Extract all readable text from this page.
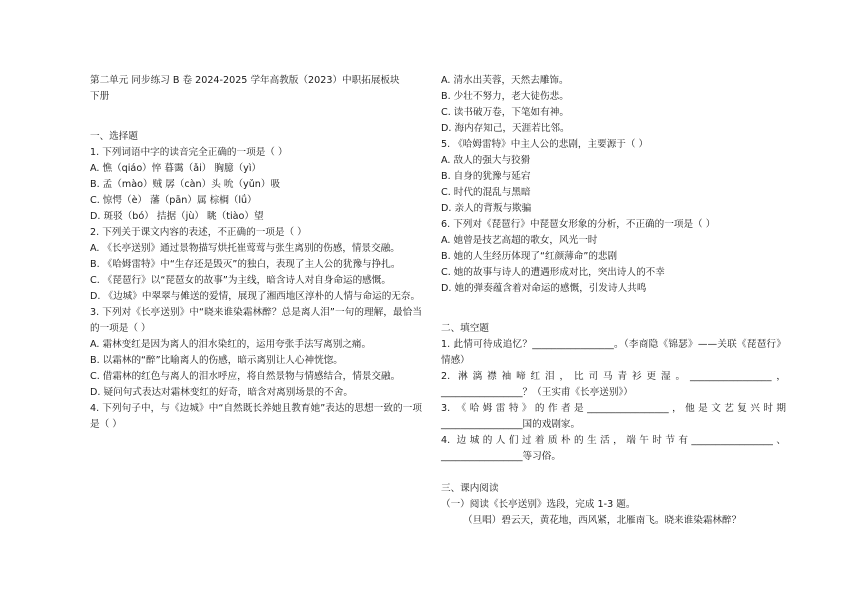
第二单元 同步练习 B 卷 2024-2025 学年高教版（2023）中职拓展板块
下册
一、选择题
1. 下列词语中字的读音完全正确的一项是（ ）
A. 憔（qiáo）悴 暮霭（ǎi） 胸臆（yì）
B. 孟（mào）贼 孱（càn）头 吮（yǔn）吸
C. 惊愕（è） 藩（pān）属 棕榈（lǘ）
D. 斑驳（bó） 拮据（jù） 眺（tiào）望
2. 下列关于课文内容的表述，不正确的一项是（ ）
A. 《长亭送别》通过景物描写烘托崔莺莺与张生离别的伤感，情景交融。
B. 《哈姆雷特》中“生存还是毁灭”的独白，表现了主人公的犹豫与挣扎。
C. 《琵琶行》以“琵琶女的故事”为主线，暗含诗人对自身命运的感慨。
D. 《边城》中翠翠与傩送的爱情，展现了湘西地区淳朴的人情与命运的无奈。
3. 下列对《长亭送别》中“晓来谁染霜林醉？总是离人泪”一句的理解，最恰当的一项是（ ）
A. 霜林变红是因为离人的泪水染红的，运用夸张手法写离别之痛。
B. 以霜林的“醉”比喻离人的伤感，暗示离别让人心神恍惚。
C. 借霜林的红色与离人的泪水呼应，将自然景物与情感结合，情景交融。
D. 疑问句式表达对霜林变红的好奇，暗含对离别场景的不舍。
4. 下列句子中，与《边城》中“自然既长养她且教育她”表达的思想一致的一项是（ ）
A. 清水出芙蓉，天然去雕饰。
B. 少壮不努力，老大徒伤悲。
C. 读书破万卷，下笔如有神。
D. 海内存知己，天涯若比邻。
5. 《哈姆雷特》中主人公的悲剧，主要源于（ ）
A. 敌人的强大与狡猾
B. 自身的犹豫与延宕
C. 时代的混乱与黑暗
D. 亲人的背叛与欺骗
6. 下列对《琵琶行》中琵琶女形象的分析，不正确的一项是（ ）
A. 她曾是技艺高超的歌女，风光一时
B. 她的人生经历体现了“红颜薄命”的悲剧
C. 她的故事与诗人的遭遇形成对比，突出诗人的不幸
D. 她的弹奏蕴含着对命运的感慨，引发诗人共鸣
二、填空题
1. 此情可待成追忆？_________________。（李商隐《锦瑟》——关联《琵琶行》情感）
2. 淋漓襟袖啼红泪，比司马青衫更湿。_________________，_________________？（王实甫《长亭送别》）
3. 《哈姆雷特》的作者是_________________，他是文艺复兴时期_________________国的戏剧家。
4. 边城的人们过着质朴的生活，端午时节有_________________、_________________等习俗。
三、课内阅读
（一）阅读《长亭送别》选段，完成 1-3 题。
（旦唱）碧云天，黄花地，西风紧，北雁南飞。晓来谁染霜林醉？
